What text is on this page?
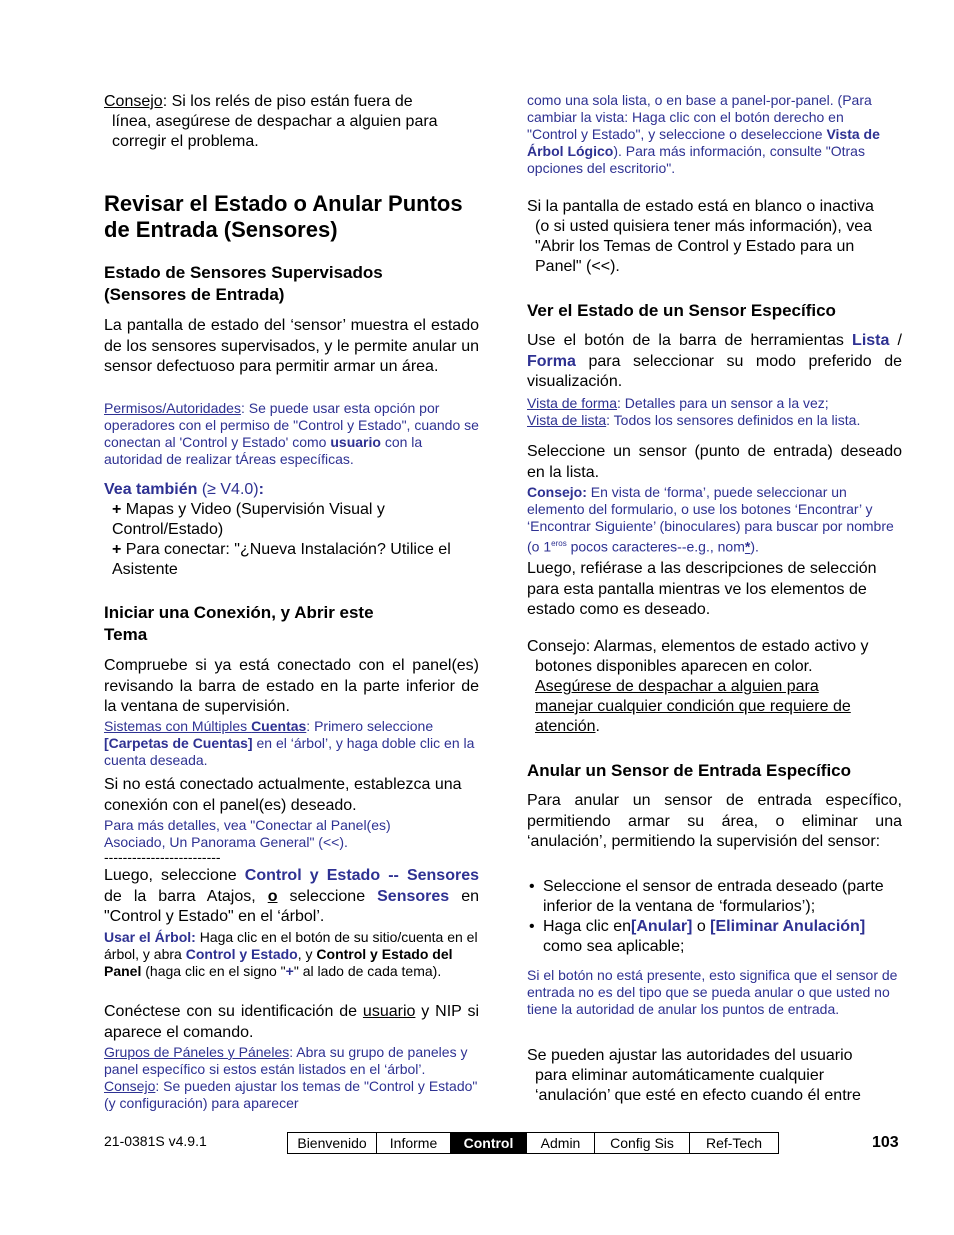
Consejo: Si los relés de piso están fuera de
línea, asegúrese de despachar a alguien para
corregir el problema.
Revisar el Estado o Anular Puntos de Entrada (Sensores)
Estado de Sensores Supervisados (Sensores de Entrada)
La pantalla de estado del ‘sensor’ muestra el estado de los sensores supervisados, y le permite anular un sensor defectuoso para permitir armar un área.
Permisos/Autoridades: Se puede usar esta opción por operadores con el permiso de "Control y Estado", cuando se conectan al 'Control y Estado' como usuario con la autoridad de realizar tÁreas específicas.
Vea también (≥ V4.0):
+ Mapas y Video (Supervisión Visual y Control/Estado)
+ Para conectar: "¿Nueva Instalación? Utilice el Asistente
Iniciar una Conexión, y Abrir este Tema
Compruebe si ya está conectado con el panel(es) revisando la barra de estado en la parte inferior de la ventana de supervisión.
Sistemas con Múltiples Cuentas: Primero seleccione [Carpetas de Cuentas] en el ‘árbol’, y haga doble clic en la cuenta deseada.
Si no está conectado actualmente, establezca una conexión con el panel(es) deseado.
Para más detalles, vea "Conectar al Panel(es) Asociado, Un Panorama General" (<<).
-------------------------
Luego, seleccione Control y Estado -- Sensores de la barra Atajos, o seleccione Sensores en "Control y Estado" en el ‘árbol’.
Usar el Árbol: Haga clic en el botón de su sitio/cuenta en el árbol, y abra Control y Estado, y Control y Estado del Panel (haga clic en el signo "+" al lado de cada tema).
Conéctese con su identificación de usuario y NIP si aparece el comando.
Grupos de Páneles y Páneles: Abra su grupo de paneles y panel específico si estos están listados en el ‘árbol’. Consejo: Se pueden ajustar los temas de "Control y Estado" (y configuración) para aparecer
como una sola lista, o en base a panel-por-panel. (Para cambiar la vista: Haga clic con el botón derecho en "Control y Estado", y seleccione o deseleccione Vista de Árbol Lógico). Para más información, consulte "Otras opciones del escritorio".
Si la pantalla de estado está en blanco o inactiva
(o si usted quisiera tener más información), vea "Abrir los Temas de Control y Estado para un Panel" (<<).
Ver el Estado de un Sensor Específico
Use el botón de la barra de herramientas Lista / Forma para seleccionar su modo preferido de visualización.
Vista de forma: Detalles para un sensor a la vez;
Vista de lista: Todos los sensores definidos en la lista.
Seleccione un sensor (punto de entrada) deseado en la lista.
Consejo: En vista de ‘forma’, puede seleccionar un elemento del formulario, o use los botones ‘Encontrar’ y ‘Encontrar Siguiente’ (binoculares) para buscar por nombre (o $1^{eros}$ pocos caracteres--e.g., nom*).
Luego, refiérase a las descripciones de selección para esta pantalla mientras ve los elementos de estado como es deseado.
Consejo: Alarmas, elementos de estado activo y
botones disponibles aparecen en color.
Asegúrese de despachar a alguien para manejar cualquier condición que requiere de atención.
Anular un Sensor de Entrada Específico
Para anular un sensor de entrada específico, permitiendo armar su área, o eliminar una ‘anulación’, permitiendo la supervisión del sensor:
• Seleccione el sensor de entrada deseado (parte inferior de la ventana de ‘formularios’);
• Haga clic en[Anular] o [Eliminar Anulación] como sea aplicable;
Si el botón no está presente, esto significa que el sensor de entrada no es del tipo que se pueda anular o que usted no tiene la autoridad de anular los puntos de entrada.
Se pueden ajustar las autoridades del usuario
para eliminar automáticamente cualquier
‘anulación’ que esté en efecto cuando él entre
21-0381S v4.9.1	Bienvenido	Informe	Control	Admin	Config Sis	Ref-Tech	103
